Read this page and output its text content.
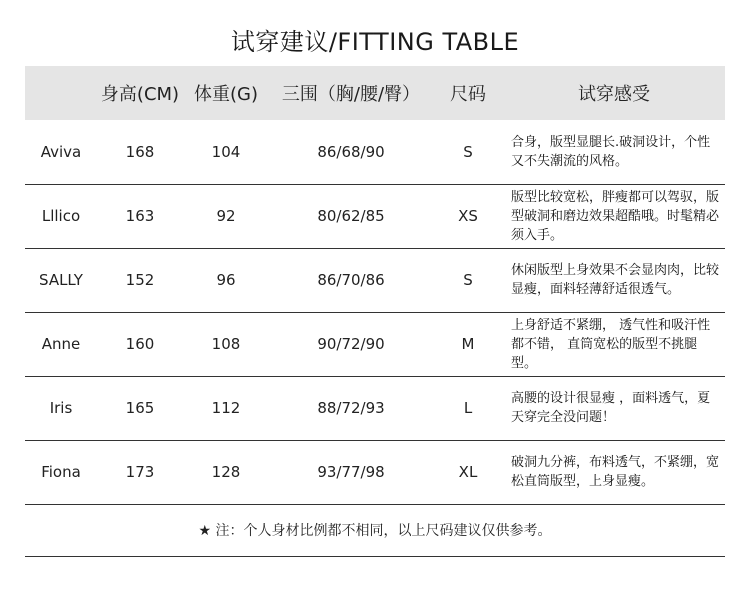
试穿建议/FITTING TABLE
	身高(CM)	体重(G)	三围（胸/腰/臀）	尺码	试穿感受
Aviva	168	104	86/68/90	S	合身，版型显腿长.破洞设计，个性又不失潮流的风格。
Lllico	163	92	80/62/85	XS	版型比较宽松，胖瘦都可以驾驭，版型破洞和磨边效果超酷哦。时髦精必须入手。
SALLY	152	96	86/70/86	S	休闲版型上身效果不会显肉肉，比较显瘦，面料轻薄舒适很透气。
Anne	160	108	90/72/90	M	上身舒适不紧绷， 透气性和吸汗性都不错， 直筒宽松的版型不挑腿型。
Iris	165	112	88/72/93	L	高腰的设计很显瘦 ，面料透气，夏天穿完全没问题！
Fiona	173	128	93/77/98	XL	破洞九分裤，布料透气，不紧绷，宽松直筒版型，上身显瘦。
★ 注：个人身材比例都不相同，以上尺码建议仅供参考。					
